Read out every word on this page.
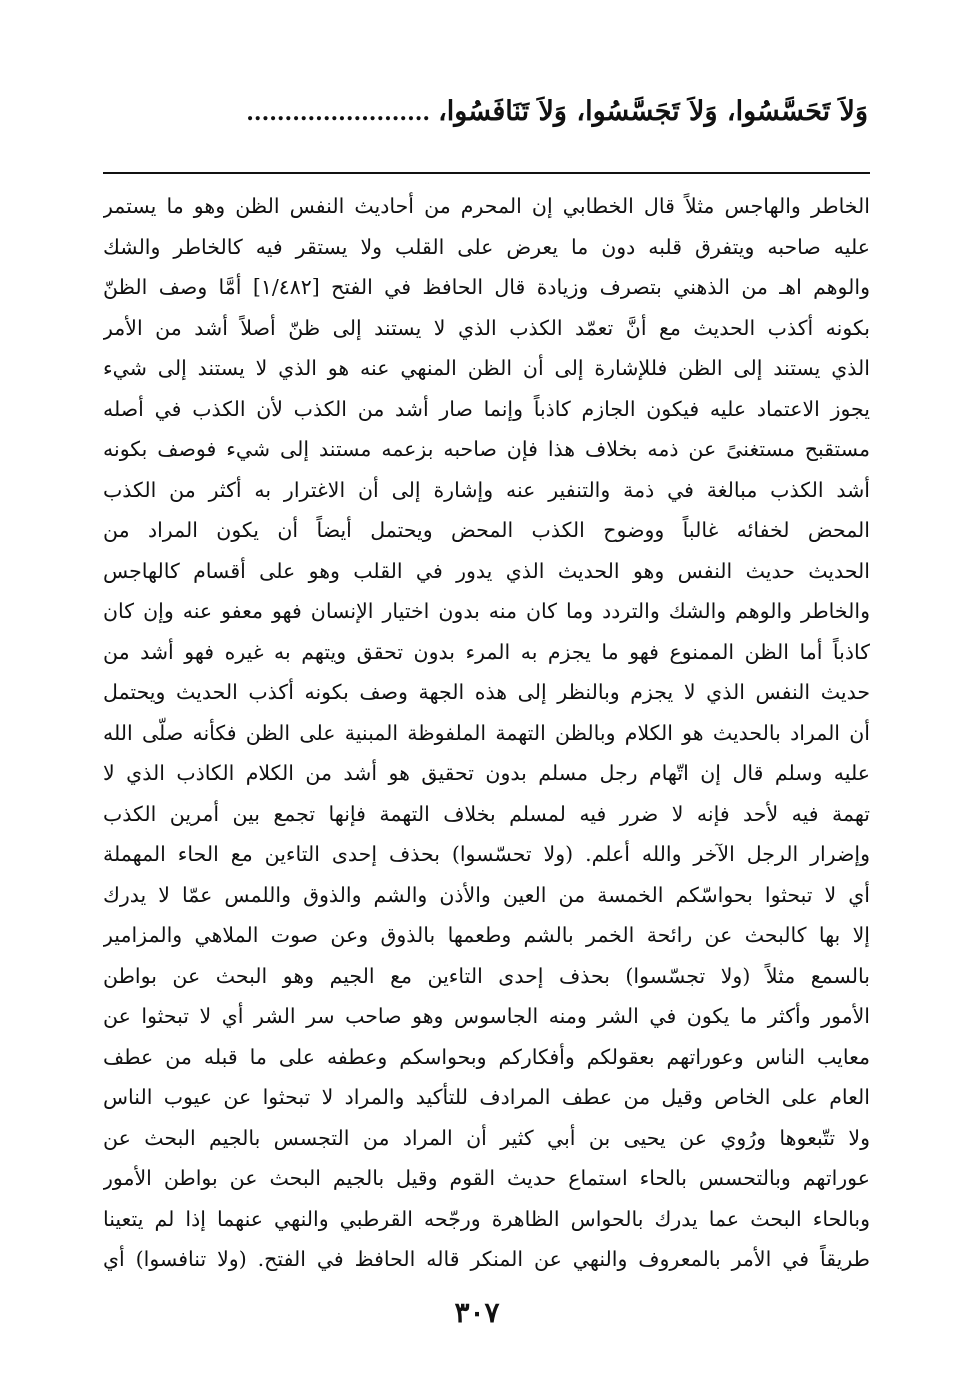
وَلاَ تَحَسَّسُوا، وَلاَ تَجَسَّسُوا، وَلاَ تَنَافَسُوا،........................
الخاطر والهاجس مثلاً قال الخطابي إن المحرم من أحاديث النفس الظن وهو ما يستمر
عليه صاحبه ويتفرق قلبه دون ما يعرض على القلب ولا يستقر فيه كالخاطر والشك
والوهم اهـ من الذهني بتصرف وزيادة قال الحافظ في الفتح [١/٤٨٢] أمَّا وصف الظنّ
بكونه أكذب الحديث مع أنَّ تعمّد الكذب الذي لا يستند إلى ظنّ أصلاً أشد من الأمر
الذي يستند إلى الظن فللإشارة إلى أن الظن المنهي عنه هو الذي لا يستند إلى شيء
يجوز الاعتماد عليه فيكون الجازم كاذباً وإنما صار أشد من الكذب لأن الكذب في أصله
مستقبح مستغنىً عن ذمه بخلاف هذا فإن صاحبه بزعمه مستند إلى شيء فوصف بكونه
أشد الكذب مبالغة في ذمة والتنفير عنه وإشارة إلى أن الاغترار به أكثر من الكذب
المحض لخفائه غالباً ووضوح الكذب المحض ويحتمل أيضاً أن يكون المراد من
الحديث حديث النفس وهو الحديث الذي يدور في القلب وهو على أقسام كالهاجس
والخاطر والوهم والشك والتردد وما كان منه بدون اختيار الإنسان فهو معفو عنه وإن كان
كاذباً أما الظن الممنوع فهو ما يجزم به المرء بدون تحقق ويتهم به غيره فهو أشد من
حديث النفس الذي لا يجزم وبالنظر إلى هذه الجهة وصف بكونه أكذب الحديث ويحتمل
أن المراد بالحديث هو الكلام وبالظن التهمة الملفوظة المبنية على الظن فكأنه صلّى الله
عليه وسلم قال إن اتّهام رجل مسلم بدون تحقيق هو أشد من الكلام الكاذب الذي لا
تهمة فيه لأحد فإنه لا ضرر فيه لمسلم بخلاف التهمة فإنها تجمع بين أمرين الكذب
وإضرار الرجل الآخر والله أعلم. (ولا تحسّسوا) بحذف إحدى التاءين مع الحاء المهملة
أي لا تبحثوا بحواسّكم الخمسة من العين والأذن والشم والذوق واللمس عمّا لا يدرك
إلا بها كالبحث عن رائحة الخمر بالشم وطعمها بالذوق وعن صوت الملاهي والمزامير
بالسمع مثلاً (ولا تجسّسوا) بحذف إحدى التاءين مع الجيم وهو البحث عن بواطن
الأمور وأكثر ما يكون في الشر ومنه الجاسوس وهو صاحب سر الشر أي لا تبحثوا عن
معايب الناس وعوراتهم بعقولكم وأفكاركم وبحواسكم وعطفه على ما قبله من عطف
العام على الخاص وقيل من عطف المرادف للتأكيد والمراد لا تبحثوا عن عيوب الناس
ولا تتّبعوها ورُوي عن يحيى بن أبي كثير أن المراد من التجسس بالجيم البحث عن
عوراتهم وبالتحسس بالحاء استماع حديث القوم وقيل بالجيم البحث عن بواطن الأمور
وبالحاء البحث عما يدرك بالحواس الظاهرة ورجّحه القرطبي والنهي عنهما إذا لم يتعينا
طريقاً في الأمر بالمعروف والنهي عن المنكر قاله الحافظ في الفتح. (ولا تنافسوا) أي
٣٠٧
